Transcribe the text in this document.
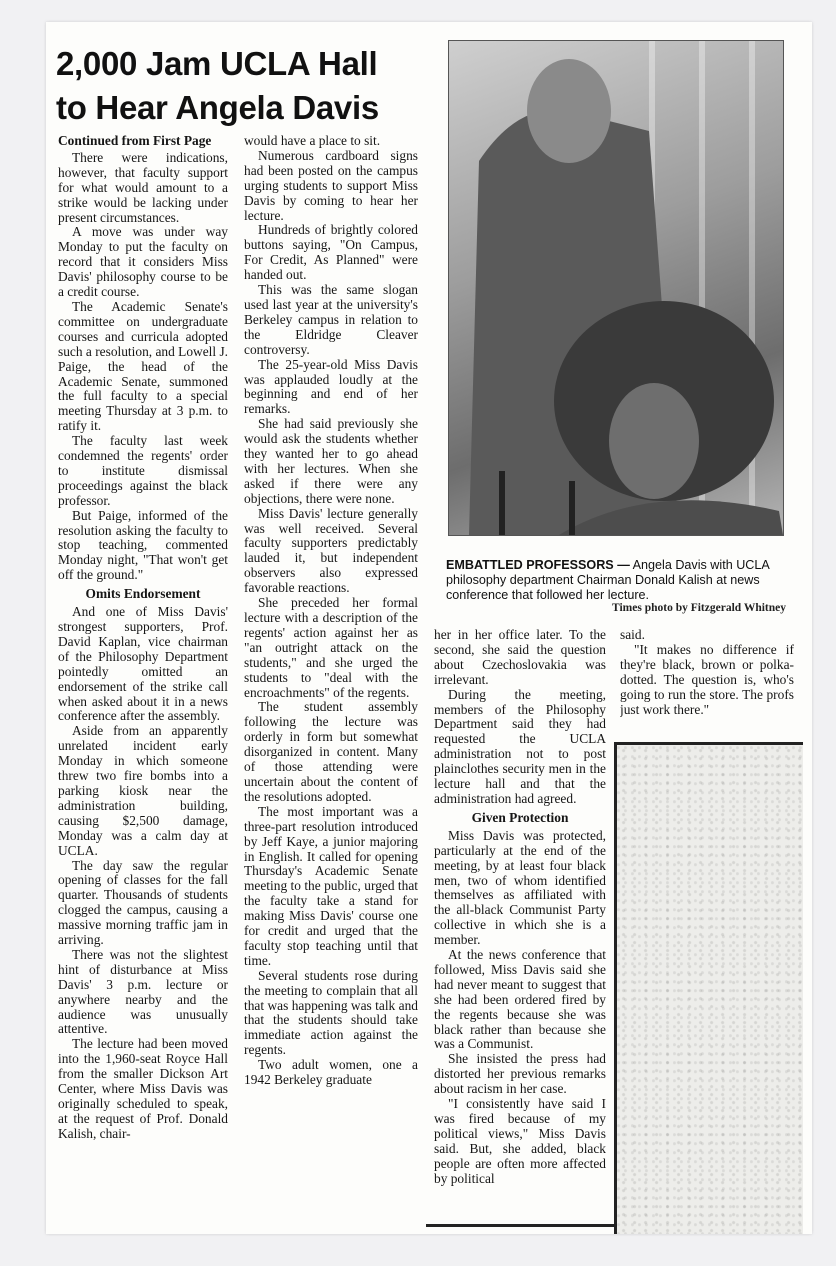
2,000 Jam UCLA Hall
to Hear Angela Davis

Continued from First Page

There were indications, however, that faculty support for what would amount to a strike would be lacking under present circumstances.

A move was under way Monday to put the faculty on record that it considers Miss Davis' philosophy course to be a credit course.

The Academic Senate's committee on undergraduate courses and curricula adopted such a resolution, and Lowell J. Paige, the head of the Academic Senate, summoned the full faculty to a special meeting Thursday at 3 p.m. to ratify it.

The faculty last week condemned the regents' order to institute dismissal proceedings against the black professor.

But Paige, informed of the resolution asking the faculty to stop teaching, commented Monday night, "That won't get off the ground."

Omits Endorsement

And one of Miss Davis' strongest supporters, Prof. David Kaplan, vice chairman of the Philosophy Department pointedly omitted an endorsement of the strike call when asked about it in a news conference after the assembly.

Aside from an apparently unrelated incident early Monday in which someone threw two fire bombs into a parking kiosk near the administration building, causing $2,500 damage, Monday was a calm day at UCLA.

The day saw the regular opening of classes for the fall quarter. Thousands of students clogged the campus, causing a massive morning traffic jam in arriving.

There was not the slightest hint of disturbance at Miss Davis' 3 p.m. lecture or anywhere nearby and the audience was unusually attentive.

The lecture had been moved into the 1,960-seat Royce Hall from the smaller Dickson Art Center, where Miss Davis was originally scheduled to speak, at the request of Prof. Donald Kalish, chair-

would have a place to sit.

Numerous cardboard signs had been posted on the campus urging students to support Miss Davis by coming to hear her lecture.

Hundreds of brightly colored buttons saying, "On Campus, For Credit, As Planned" were handed out.

This was the same slogan used last year at the university's Berkeley campus in relation to the Eldridge Cleaver controversy.

The 25-year-old Miss Davis was applauded loudly at the beginning and end of her remarks.

She had said previously she would ask the students whether they wanted her to go ahead with her lectures. When she asked if there were any objections, there were none.

Miss Davis' lecture generally was well received. Several faculty supporters predictably lauded it, but independent observers also expressed favorable reactions.

She preceded her formal lecture with a description of the regents' action against her as "an outright attack on the students," and she urged the students to "deal with the encroachments" of the regents.

The student assembly following the lecture was orderly in form but somewhat disorganized in content. Many of those attending were uncertain about the content of the resolutions adopted.

The most important was a three-part resolution introduced by Jeff Kaye, a junior majoring in English. It called for opening Thursday's Academic Senate meeting to the public, urged that the faculty take a stand for making Miss Davis' course one for credit and urged that the faculty stop teaching until that time.

Several students rose during the meeting to complain that all that was happening was talk and that the students should take immediate action against the regents.

Two adult women, one a 1942 Berkeley graduate

EMBATTLED PROFESSORS — Angela Davis with UCLA philosophy department Chairman Donald Kalish at news conference that followed her lecture.
Times photo by Fitzgerald Whitney

her in her office later. To the second, she said the question about Czechoslovakia was irrelevant.

During the meeting, members of the Philosophy Department said they had requested the UCLA administration not to post plainclothes security men in the lecture hall and that the administration had agreed.

Given Protection

Miss Davis was protected, particularly at the end of the meeting, by at least four black men, two of whom identified themselves as affiliated with the all-black Communist Party collective in which she is a member.

At the news conference that followed, Miss Davis said she had never meant to suggest that she had been ordered fired by the regents because she was black rather than because she was a Communist.

She insisted the press had distorted her previous remarks about racism in her case.

"I consistently have said I was fired because of my political views," Miss Davis said. But, she added, black people are often more affected by political

said.

"It makes no difference if they're black, brown or polka-dotted. The question is, who's going to run the store. The profs just work there."
